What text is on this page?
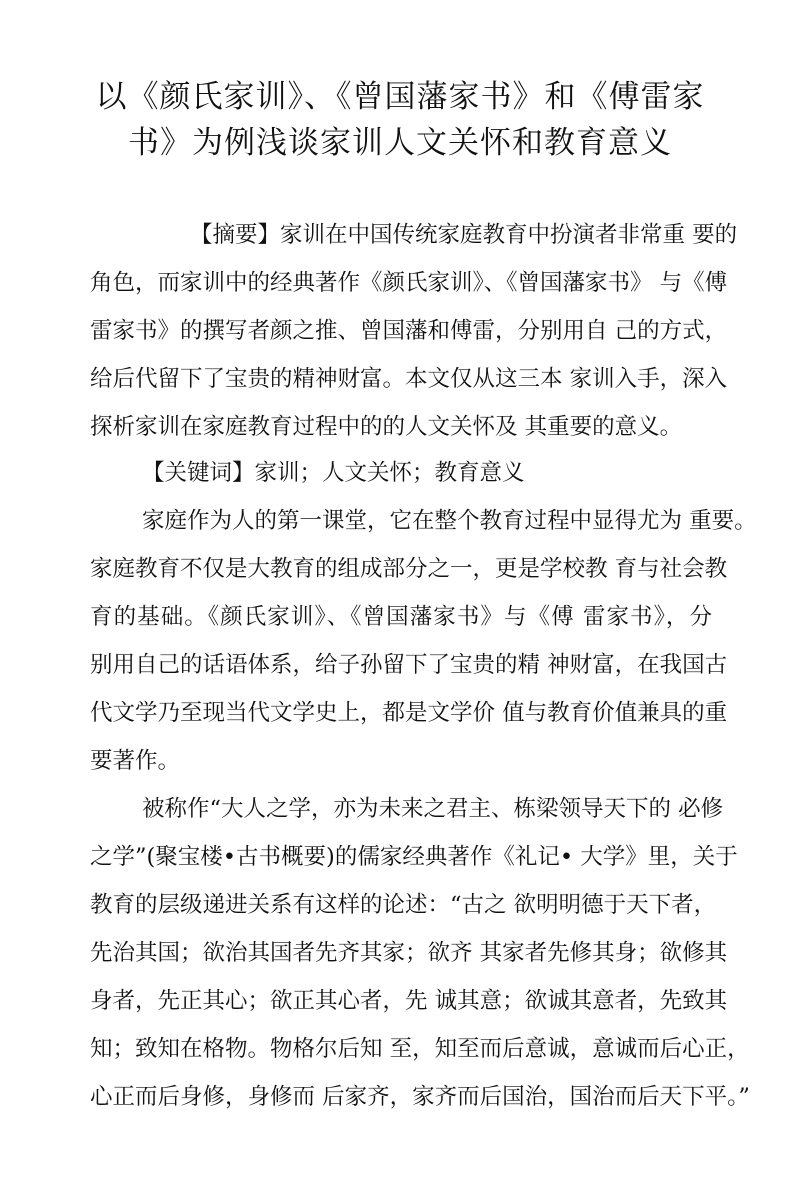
以《颜氏家训》、《曾国藩家书》和《傅雷家
书》为例浅谈家训人文关怀和教育意义
【摘要】家训在中国传统家庭教育中扮演者非常重 要的
角色，而家训中的经典著作《颜氏家训》、《曾国藩家书》 与《傅
雷家书》的撰写者颜之推、曾国藩和傅雷，分别用自 己的方式，
给后代留下了宝贵的精神财富。本文仅从这三本 家训入手，深入
探析家训在家庭教育过程中的的人文关怀及 其重要的意义。
【关键词】家训；人文关怀；教育意义
家庭作为人的第一课堂，它在整个教育过程中显得尤为 重要。
家庭教育不仅是大教育的组成部分之一，更是学校教 育与社会教
育的基础。《颜氏家训》、《曾国藩家书》与《傅 雷家书》，分
别用自己的话语体系，给子孙留下了宝贵的精 神财富，在我国古
代文学乃至现当代文学史上，都是文学价 值与教育价值兼具的重
要著作。
被称作“大人之学，亦为未来之君主、栋梁领导天下的 必修
之学”(聚宝楼•古书概要)的儒家经典著作《礼记• 大学》里，关于
教育的层级递进关系有这样的论述：“古之 欲明明德于天下者，
先治其国；欲治其国者先齐其家；欲齐 其家者先修其身；欲修其
身者，先正其心；欲正其心者，先 诚其意；欲诚其意者，先致其
知；致知在格物。物格尔后知 至，知至而后意诚，意诚而后心正，
心正而后身修，身修而 后家齐，家齐而后国治，国治而后天下平。”
